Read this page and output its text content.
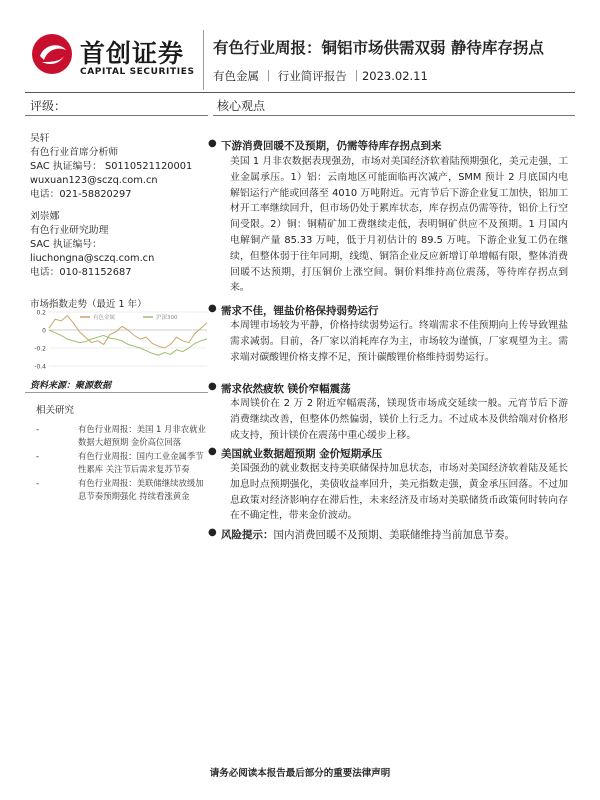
首创证券
CAPITAL SECURITIES
有色行业周报：铜铝市场供需双弱 静待库存拐点
有色金属 ｜ 行业简评报告 ｜2023.02.11
评级：	核心观点
吴轩
有色行业首席分析师
SAC 执证编号： S0110521120001
wuxuan123@sczq.com.cn
电话：021-58820297
刘崇娜
有色行业研究助理
SAC 执证编号：
liuchongna@sczq.com.cn
电话：010-81152687
市场指数走势（最近 1 年）
0.2
0
-0.2
-0.4
有色金属	沪深300
资料来源：聚源数据
相关研究
-	有色行业周报：美国 1 月非农就业数据大超预期 金价高位回落
-	有色行业周报：国内工业金属季节性累库 关注节后需求复苏节奏
-	有色行业周报：美联储继续放缓加息节奏预期强化 持续看涨黄金
● 下游消费回暖不及预期，仍需等待库存拐点到来
美国 1 月非农数据表现强劲，市场对美国经济软着陆预期强化，美元走强，工业金属承压。1）铝：云南地区可能面临再次减产，SMM 预计 2 月底国内电解铝运行产能或回落至 4010 万吨附近。元宵节后下游企业复工加快，铝加工材开工率继续回升，但市场仍处于累库状态，库存拐点仍需等待，铝价上行空间受限。2）铜：铜精矿加工费继续走低，表明铜矿供应不及预期。1 月国内电解铜产量 85.33 万吨，低于月初估计的 89.5 万吨。下游企业复工仍在继续，但整体弱于往年同期，线缆、铜箔企业反应新增订单增幅有限，整体消费回暖不达预期，打压铜价上涨空间。铜价料维持高位震荡，等待库存拐点到来。
● 需求不佳，锂盐价格保持弱势运行
本周锂市场较为平静，价格持续弱势运行。终端需求不佳预期向上传导致锂盐需求减弱。目前，各厂家以消耗库存为主，市场较为谨慎，厂家观望为主。需求端对碳酸锂价格支撑不足，预计碳酸锂价格维持弱势运行。
● 需求依然疲软 镁价窄幅震荡
本周镁价在 2 万 2 附近窄幅震荡，镁现货市场成交延续一般。元宵节后下游消费继续改善，但整体仍然偏弱，镁价上行乏力。不过成本及供给端对价格形成支持，预计镁价在震荡中重心缓步上移。
● 美国就业数据超预期 金价短期承压
美国强劲的就业数据支持美联储保持加息状态，市场对美国经济软着陆及延长加息时点预期强化，美债收益率回升，美元指数走强，黄金承压回落。不过加息政策对经济影响存在滞后性，未来经济及市场对美联储货币政策何时转向存在不确定性，带来金价波动。
● 风险提示：国内消费回暖不及预期、美联储维持当前加息节奏。
请务必阅读本报告最后部分的重要法律声明
